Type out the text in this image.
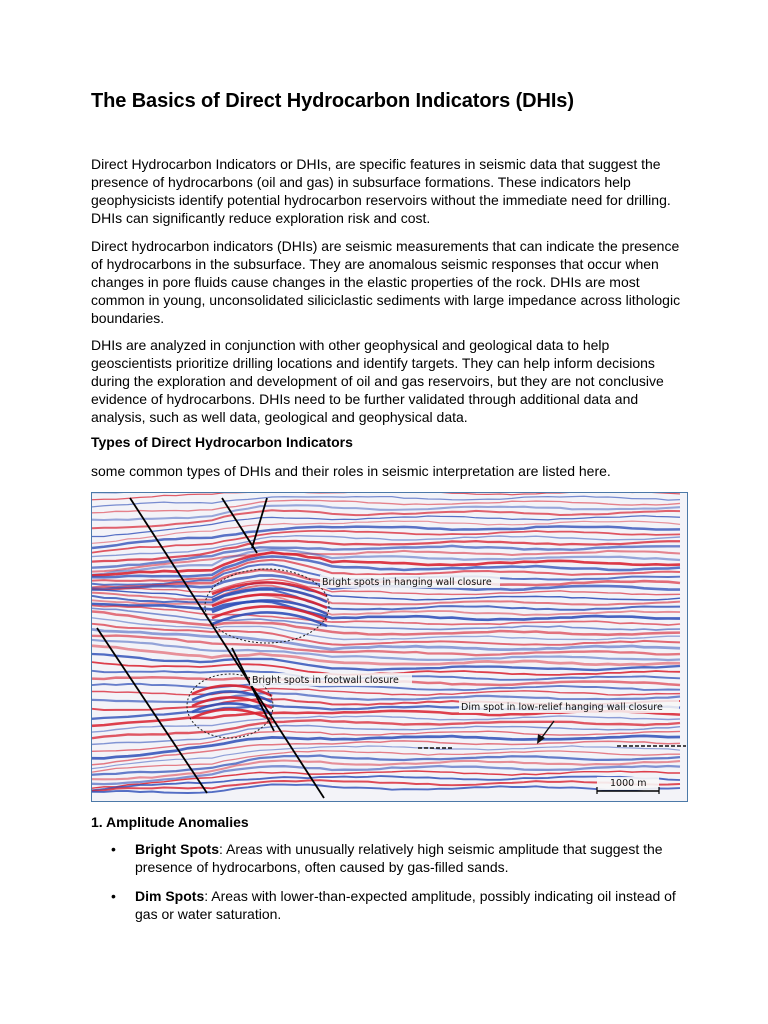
The Basics of Direct Hydrocarbon Indicators (DHIs)

Direct Hydrocarbon Indicators or DHIs, are specific features in seismic data that suggest the presence of hydrocarbons (oil and gas) in subsurface formations. These indicators help geophysicists identify potential hydrocarbon reservoirs without the immediate need for drilling. DHIs can significantly reduce exploration risk and cost.

Direct hydrocarbon indicators (DHIs) are seismic measurements that can indicate the presence of hydrocarbons in the subsurface. They are anomalous seismic responses that occur when changes in pore fluids cause changes in the elastic properties of the rock. DHIs are most common in young, unconsolidated siliciclastic sediments with large impedance across lithologic boundaries.

DHIs are analyzed in conjunction with other geophysical and geological data to help geoscientists prioritize drilling locations and identify targets. They can help inform decisions during the exploration and development of oil and gas reservoirs, but they are not conclusive evidence of hydrocarbons. DHIs need to be further validated through additional data and analysis, such as well data, geological and geophysical data.

Types of Direct Hydrocarbon Indicators

some common types of DHIs and their roles in seismic interpretation are listed here.

Bright spots in hanging wall closure
Bright spots in footwall closure
Dim spot in low-relief hanging wall closure
1000 m

1. Amplitude Anomalies

• Bright Spots: Areas with unusually relatively high seismic amplitude that suggest the presence of hydrocarbons, often caused by gas-filled sands.
• Dim Spots: Areas with lower-than-expected amplitude, possibly indicating oil instead of gas or water saturation.
